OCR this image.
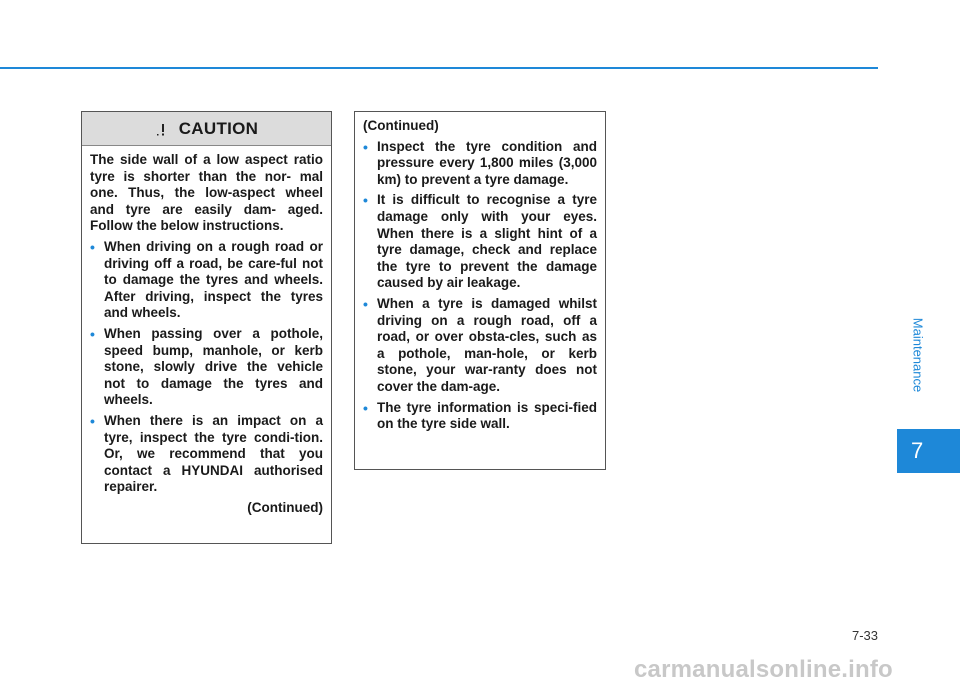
CAUTION

The side wall of a low aspect ratio tyre is shorter than the nor- mal one. Thus, the low-aspect wheel and tyre are easily dam- aged. Follow the below instructions.

• When driving on a rough road or driving off a road, be care-ful not to damage the tyres and wheels. After driving, inspect the tyres and wheels.
• When passing over a pothole, speed bump, manhole, or kerb stone, slowly drive the vehicle not to damage the tyres and wheels.
• When there is an impact on a tyre, inspect the tyre condi-tion. Or, we recommend that you contact a HYUNDAI authorised repairer.

(Continued)

(Continued)

• Inspect the tyre condition and pressure every 1,800 miles (3,000 km) to prevent a tyre damage.
• It is difficult to recognise a tyre damage only with your eyes. When there is a slight hint of a tyre damage, check and replace the tyre to prevent the damage caused by air leakage.
• When a tyre is damaged whilst driving on a rough road, off a road, or over obsta-cles, such as a pothole, man-hole, or kerb stone, your war-ranty does not cover the dam-age.
• The tyre information is speci-fied on the tyre side wall.
Maintenance
7
7-33
carmanualsonline.info
